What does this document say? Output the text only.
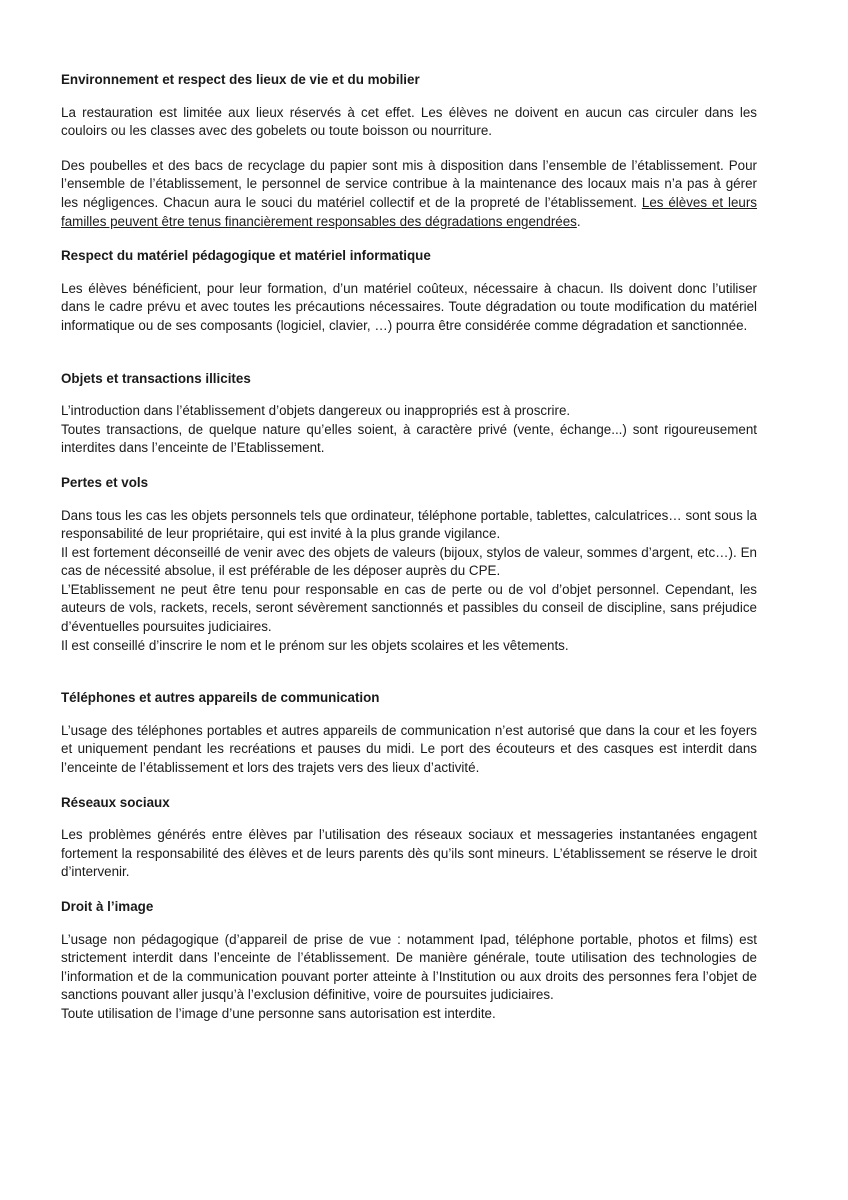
Environnement et respect des lieux de vie et du mobilier

La restauration est limitée aux lieux réservés à cet effet. Les élèves ne doivent en aucun cas circuler dans les couloirs ou les classes avec des gobelets ou toute boisson ou nourriture.

Des poubelles et des bacs de recyclage du papier sont mis à disposition dans l’ensemble de l’établissement. Pour l’ensemble de l’établissement, le personnel de service contribue à la maintenance des locaux mais n’a pas à gérer les négligences. Chacun aura le souci du matériel collectif et de la propreté de l’établissement. Les élèves et leurs familles peuvent être tenus financièrement responsables des dégradations engendrées.

Respect du matériel pédagogique et matériel informatique

Les élèves bénéficient, pour leur formation, d’un matériel coûteux, nécessaire à chacun. Ils doivent donc l’utiliser dans le cadre prévu et avec toutes les précautions nécessaires. Toute dégradation ou toute modification du matériel informatique ou de ses composants (logiciel, clavier, …) pourra être considérée comme dégradation et sanctionnée.

Objets et transactions illicites

L’introduction dans l’établissement d’objets dangereux ou inappropriés est à proscrire.

Toutes transactions, de quelque nature qu’elles soient, à caractère privé (vente, échange...) sont rigoureusement interdites dans l’enceinte de l’Etablissement.

Pertes et vols

Dans tous les cas les objets personnels tels que ordinateur, téléphone portable, tablettes, calculatrices… sont sous la responsabilité de leur propriétaire, qui est invité à la plus grande vigilance.

Il est fortement déconseillé de venir avec des objets de valeurs (bijoux, stylos de valeur, sommes d’argent, etc…). En cas de nécessité absolue, il est préférable de les déposer auprès du CPE.

L’Etablissement ne peut être tenu pour responsable en cas de perte ou de vol d’objet personnel. Cependant, les auteurs de vols, rackets, recels, seront sévèrement sanctionnés et passibles du conseil de discipline, sans préjudice d’éventuelles poursuites judiciaires.

Il est conseillé d’inscrire le nom et le prénom sur les objets scolaires et les vêtements.

Téléphones et autres appareils de communication

L’usage des téléphones portables et autres appareils de communication n’est autorisé que dans la cour et les foyers et uniquement pendant les recréations et pauses du midi. Le port des écouteurs et des casques est interdit dans l’enceinte de l’établissement et lors des trajets vers des lieux d’activité.

Réseaux sociaux

Les problèmes générés entre élèves par l’utilisation des réseaux sociaux et messageries instantanées engagent fortement la responsabilité des élèves et de leurs parents dès qu’ils sont mineurs. L’établissement se réserve le droit d’intervenir.

Droit à l’image

L’usage non pédagogique (d’appareil de prise de vue : notamment Ipad, téléphone portable, photos et films) est strictement interdit dans l’enceinte de l’établissement. De manière générale, toute utilisation des technologies de l’information et de la communication pouvant porter atteinte à l’Institution ou aux droits des personnes fera l’objet de sanctions pouvant aller jusqu’à l’exclusion définitive, voire de poursuites judiciaires.

Toute utilisation de l’image d’une personne sans autorisation est interdite.
